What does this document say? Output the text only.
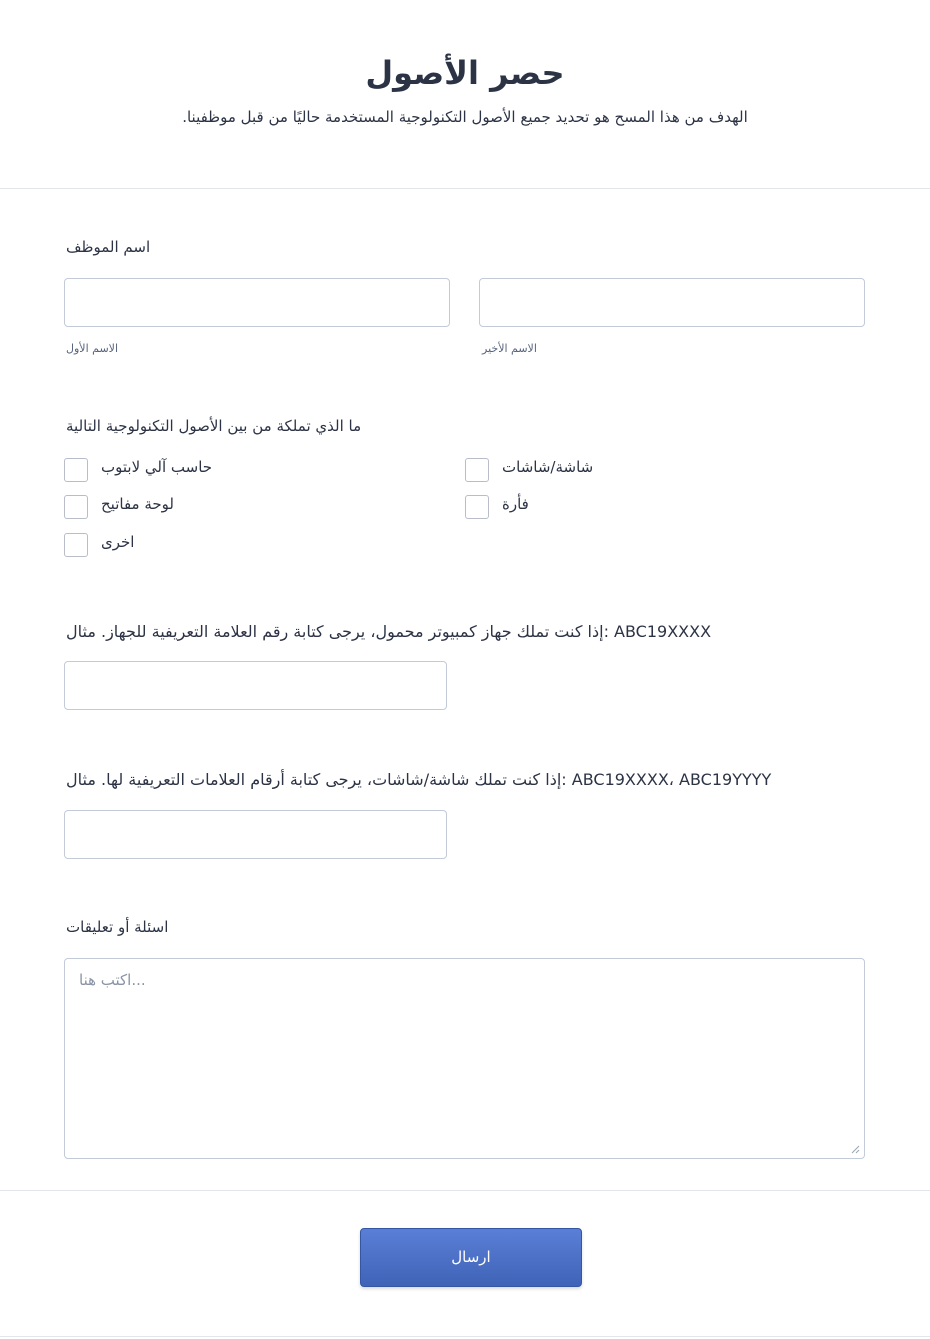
حصر الأصول
.الهدف من هذا المسح هو تحديد جميع الأصول التكنولوجية المستخدمة حاليًا من قبل موظفينا
اسم الموظف
الاسم الأول	الاسم الأخير
ما الذي تملكة من بين الأصول التكنولوجية التالية
حاسب آلي لابتوب	شاشة/شاشات
لوحة مفاتيح	فأرة
اخرى
إذا كنت تملك جهاز كمبيوتر محمول، يرجى كتابة رقم العلامة التعريفية للجهاز. مثال: ABC19XXXX
إذا كنت تملك شاشة/شاشات، يرجى كتابة أرقام العلامات التعريفية لها. مثال: ABC19XXXX، ABC19YYYY
اسئلة أو تعليقات
اكتب هنا...
ارسال
